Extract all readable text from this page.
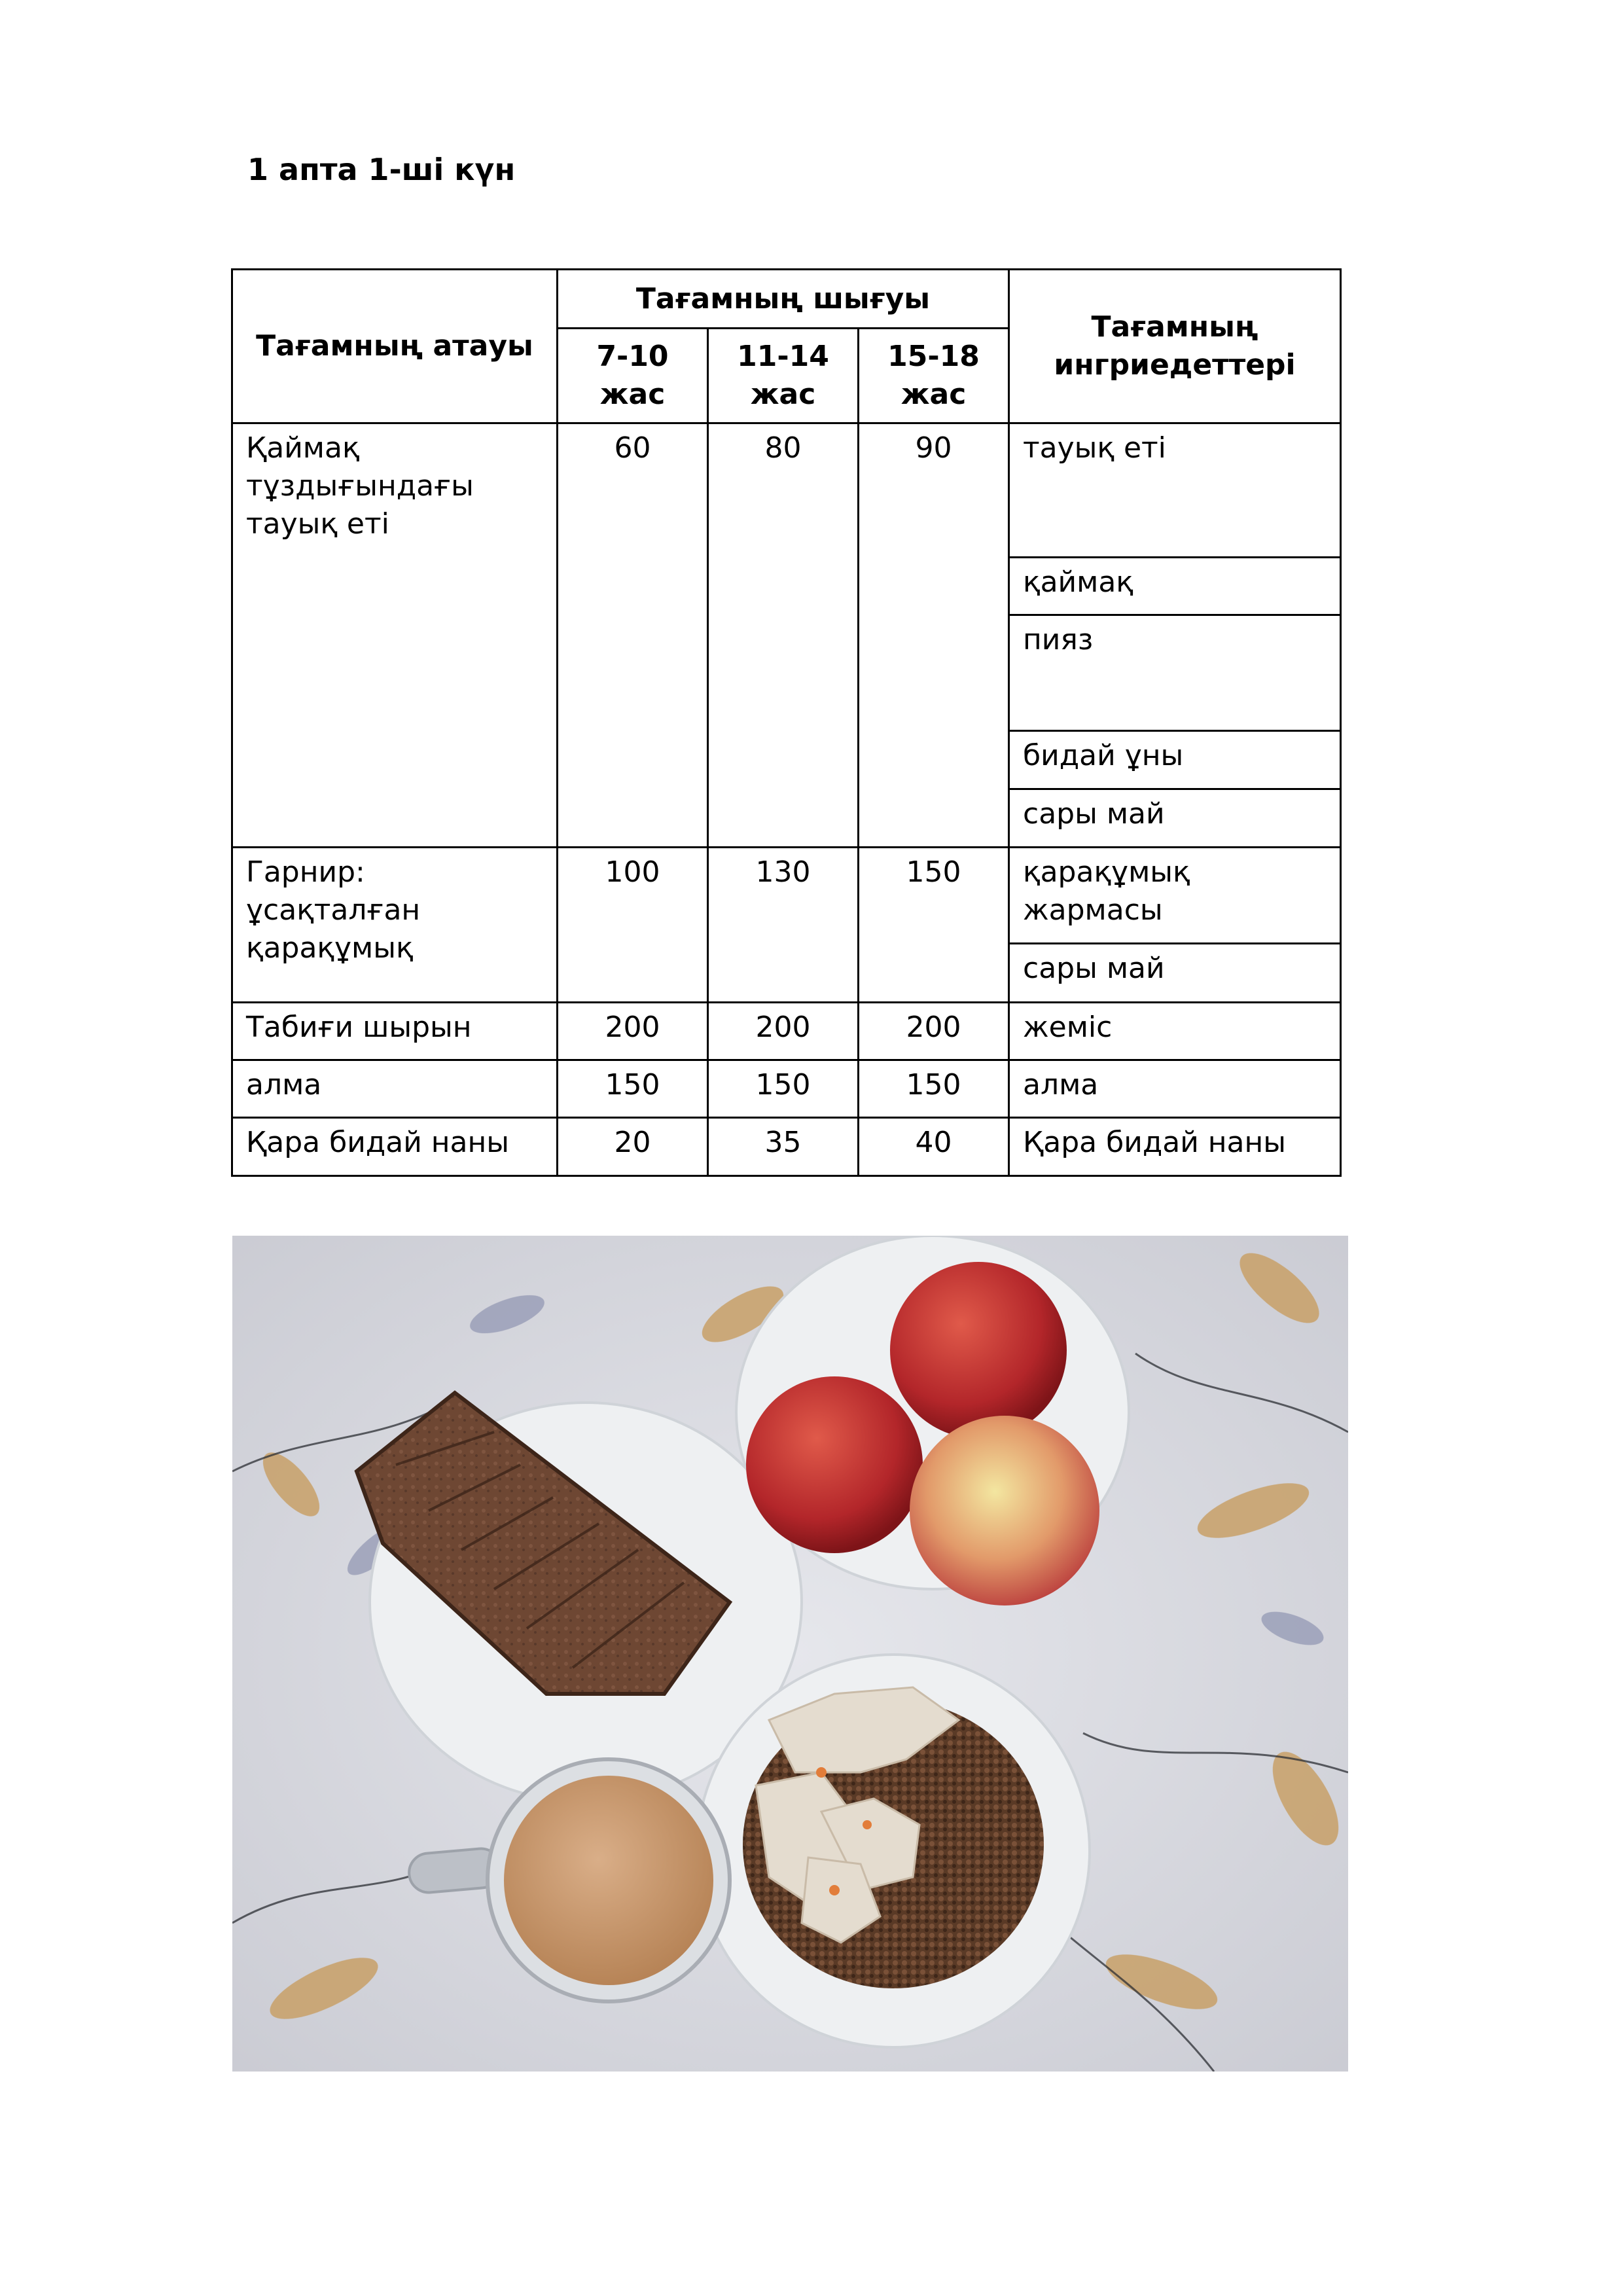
1 апта 1-ші күн
Тағамның атауы	Тағамның шығуы			Тағамның ингриедеттері
	7-10 жас	11-14 жас	15-18 жас	
Қаймақ тұздығындағы тауық еті	60	80	90	тауық еті
				қаймақ
				пияз
				бидай ұны
				сары май
Гарнир: ұсақталған қарақұмық	100	130	150	қарақұмық жармасы
				сары май
Табиғи шырын	200	200	200	жеміс
алма	150	150	150	алма
Қара бидай наны	20	35	40	Қара бидай наны
